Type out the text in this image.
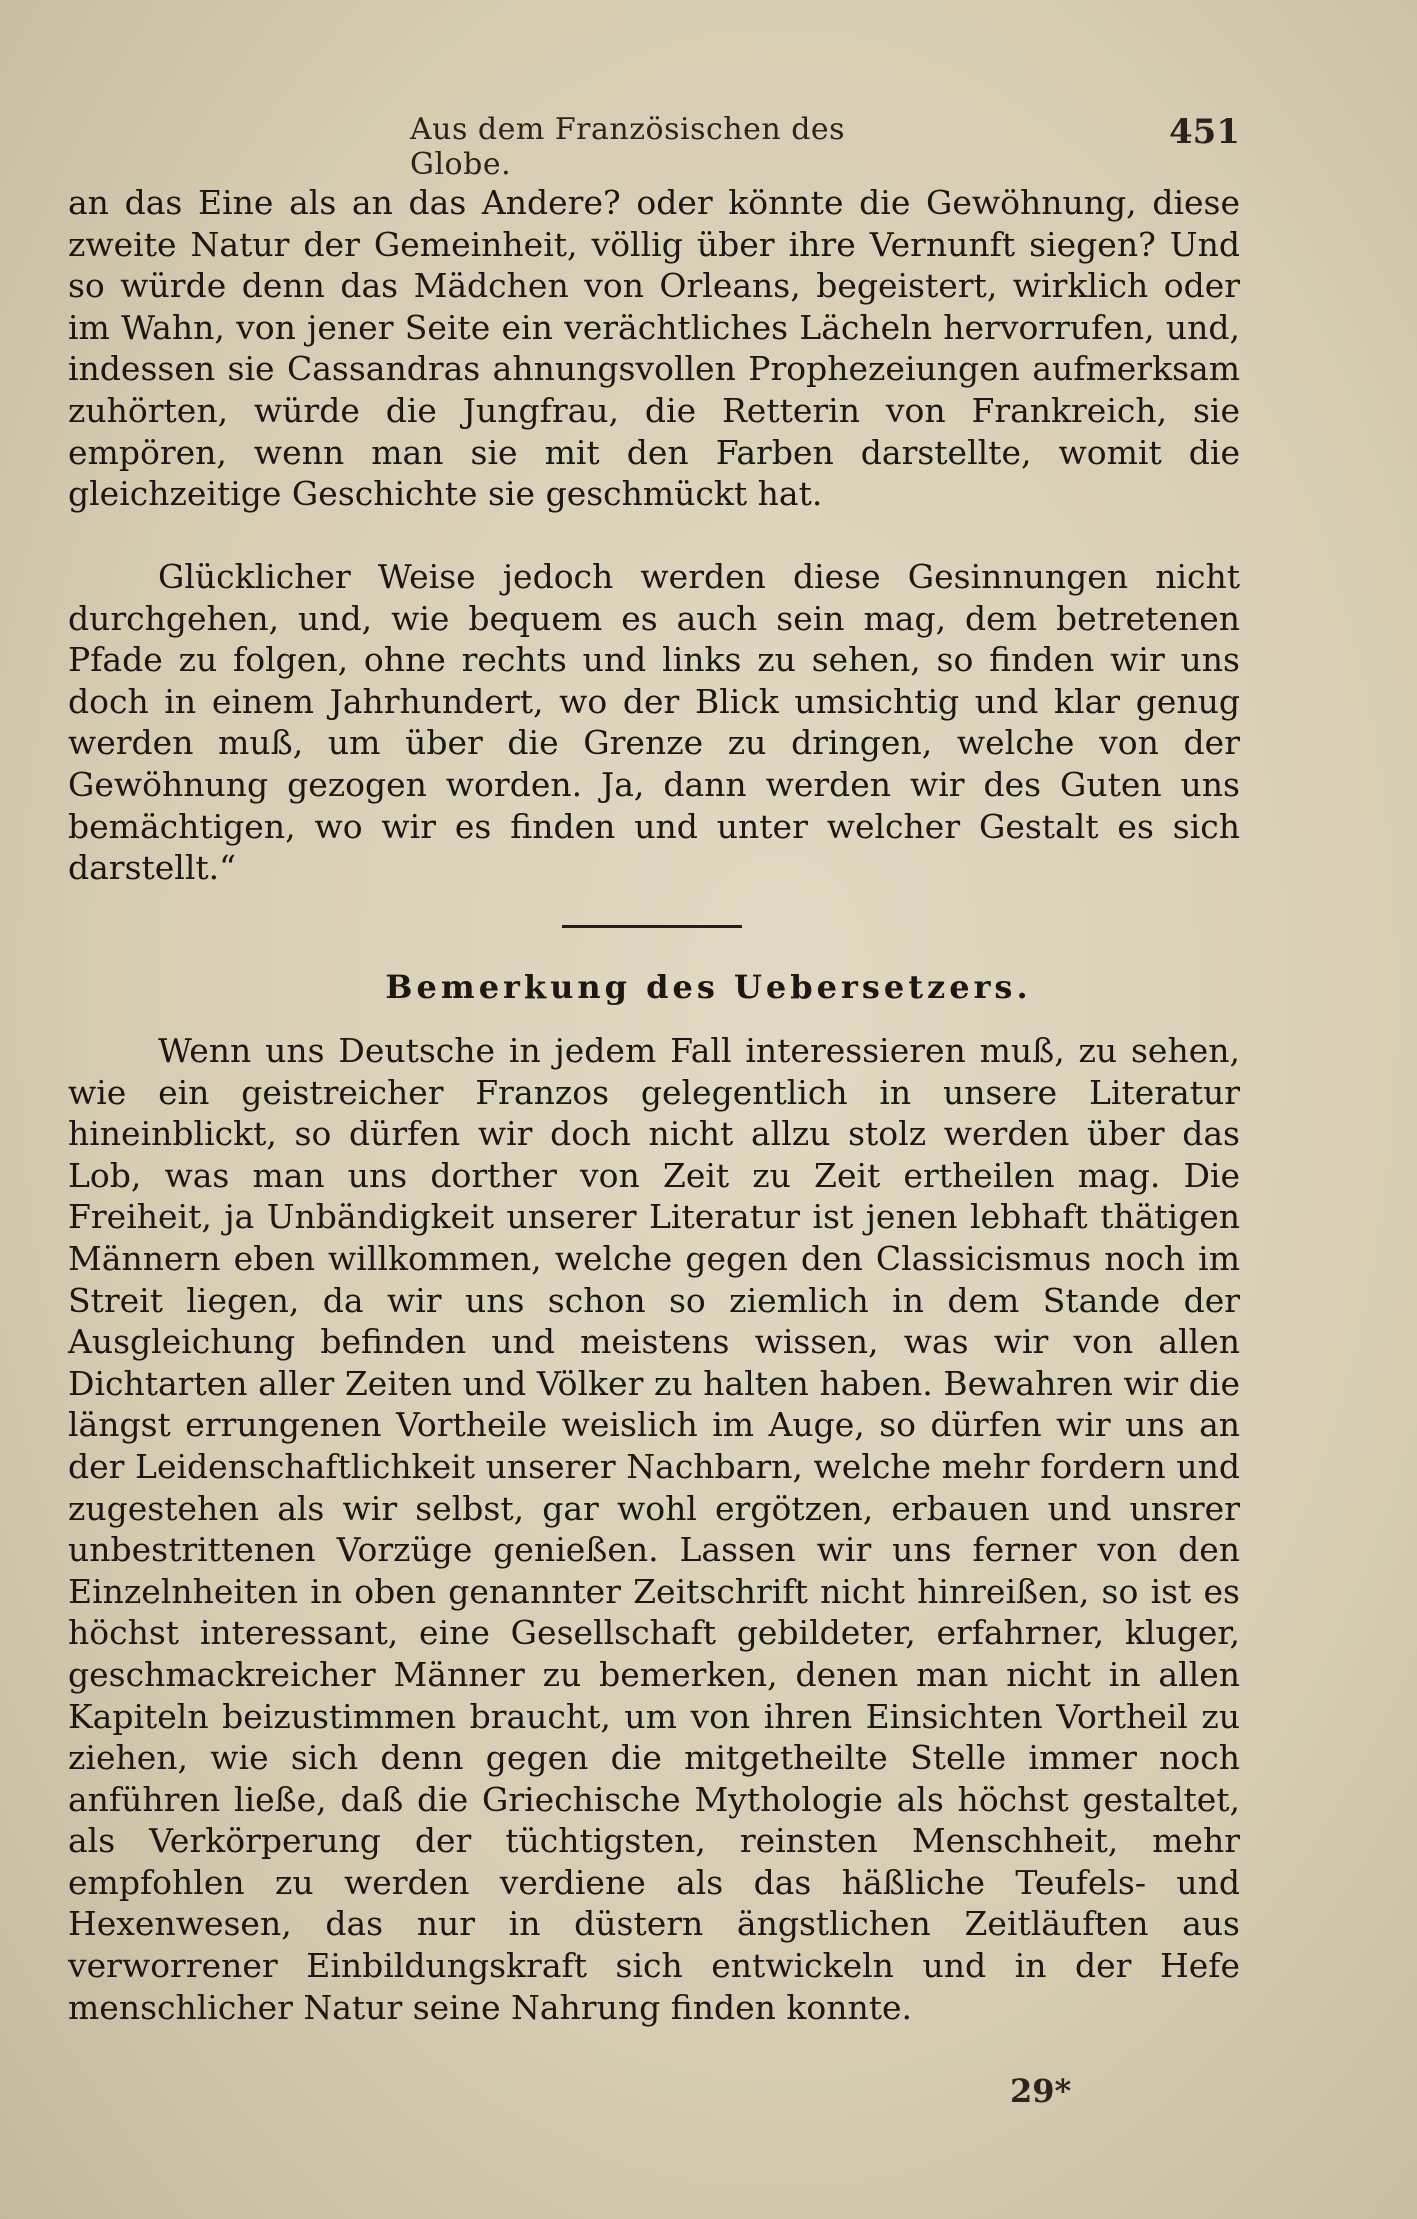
Aus dem Französischen des Globe.
451

an das Eine als an das Andere? oder könnte die Gewöhnung, diese zweite Natur der Gemeinheit, völlig über ihre Vernunft siegen? Und so würde denn das Mädchen von Orleans, begeistert, wirklich oder im Wahn, von jener Seite ein verächtliches Lächeln hervorrufen, und, indessen sie Cassandras ahnungsvollen Prophezeiungen aufmerksam zuhörten, würde die Jungfrau, die Retterin von Frankreich, sie empören, wenn man sie mit den Farben darstellte, womit die gleichzeitige Geschichte sie geschmückt hat.

Glücklicher Weise jedoch werden diese Gesinnungen nicht durchgehen, und, wie bequem es auch sein mag, dem betretenen Pfade zu folgen, ohne rechts und links zu sehen, so finden wir uns doch in einem Jahrhundert, wo der Blick umsichtig und klar genug werden muß, um über die Grenze zu dringen, welche von der Gewöhnung gezogen worden. Ja, dann werden wir des Guten uns bemächtigen, wo wir es finden und unter welcher Gestalt es sich darstellt.“

Bemerkung des Uebersetzers.

Wenn uns Deutsche in jedem Fall interessieren muß, zu sehen, wie ein geistreicher Franzos gelegentlich in unsere Literatur hineinblickt, so dürfen wir doch nicht allzu stolz werden über das Lob, was man uns dorther von Zeit zu Zeit ertheilen mag. Die Freiheit, ja Unbändigkeit unserer Literatur ist jenen lebhaft thätigen Männern eben willkommen, welche gegen den Classicismus noch im Streit liegen, da wir uns schon so ziemlich in dem Stande der Ausgleichung befinden und meistens wissen, was wir von allen Dichtarten aller Zeiten und Völker zu halten haben. Bewahren wir die längst errungenen Vortheile weislich im Auge, so dürfen wir uns an der Leidenschaftlichkeit unserer Nachbarn, welche mehr fordern und zugestehen als wir selbst, gar wohl ergötzen, erbauen und unsrer unbestrittenen Vorzüge genießen. Lassen wir uns ferner von den Einzelnheiten in oben genannter Zeitschrift nicht hinreißen, so ist es höchst interessant, eine Gesellschaft gebildeter, erfahrner, kluger, geschmackreicher Männer zu bemerken, denen man nicht in allen Kapiteln beizustimmen braucht, um von ihren Einsichten Vortheil zu ziehen, wie sich denn gegen die mitgetheilte Stelle immer noch anführen ließe, daß die Griechische Mythologie als höchst gestaltet, als Verkörperung der tüchtigsten, reinsten Menschheit, mehr empfohlen zu werden verdiene als das häßliche Teufels- und Hexenwesen, das nur in düstern ängstlichen Zeitläuften aus verworrener Einbildungskraft sich entwickeln und in der Hefe menschlicher Natur seine Nahrung finden konnte.

29*
